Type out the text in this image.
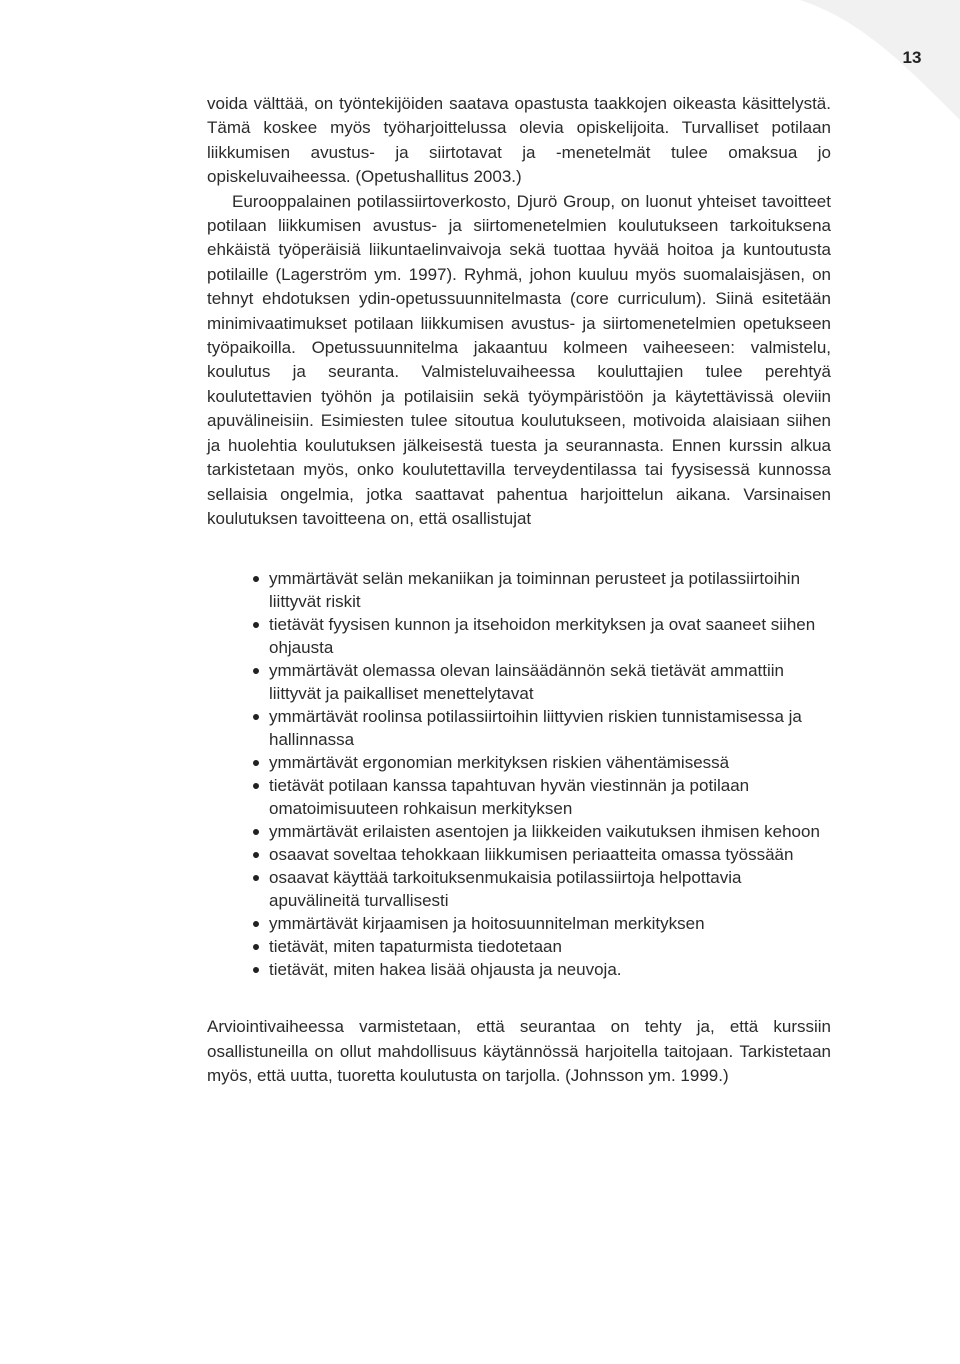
13

voida välttää, on työntekijöiden saatava opastusta taakkojen oikeasta käsittelystä. Tämä koskee myös työharjoittelussa olevia opiskelijoita. Turvalliset potilaan liikkumisen avustus- ja siirtotavat ja -menetelmät tulee omaksua jo opiskeluvaiheessa. (Opetushallitus 2003.)

Eurooppalainen potilassiirtoverkosto, Djurö Group, on luonut yhteiset tavoitteet potilaan liikkumisen avustus- ja siirtomenetelmien koulutukseen tarkoituksena ehkäistä työperäisiä liikuntaelinvaivoja sekä tuottaa hyvää hoitoa ja kuntoutusta potilaille (Lagerström ym. 1997). Ryhmä, johon kuuluu myös suomalaisjäsen, on tehnyt ehdotuksen ydin-opetussuunnitelmasta (core curriculum). Siinä esitetään minimivaatimukset potilaan liikkumisen avustus- ja siirtomenetelmien opetukseen työpaikoilla. Opetussuunnitelma jakaantuu kolmeen vaiheeseen: valmistelu, koulutus ja seuranta. Valmisteluvaiheessa kouluttajien tulee perehtyä koulutettavien työhön ja potilaisiin sekä työympäristöön ja käytettävissä oleviin apuvälineisiin. Esimiesten tulee sitoutua koulutukseen, motivoida alaisiaan siihen ja huolehtia koulutuksen jälkeisestä tuesta ja seurannasta. Ennen kurssin alkua tarkistetaan myös, onko koulutettavilla terveydentilassa tai fyysisessä kunnossa sellaisia ongelmia, jotka saattavat pahentua harjoittelun aikana. Varsinaisen koulutuksen tavoitteena on, että osallistujat

ymmärtävät selän mekaniikan ja toiminnan perusteet ja potilassiirtoihin liittyvät riskit
tietävät fyysisen kunnon ja itsehoidon merkityksen ja ovat saaneet siihen ohjausta
ymmärtävät olemassa olevan lainsäädännön sekä tietävät ammattiin liittyvät ja paikalliset menettelytavat
ymmärtävät roolinsa potilassiirtoihin liittyvien riskien tunnistamisessa ja hallinnassa
ymmärtävät ergonomian merkityksen riskien vähentämisessä
tietävät potilaan kanssa tapahtuvan hyvän viestinnän ja potilaan omatoimisuuteen rohkaisun merkityksen
ymmärtävät erilaisten asentojen ja liikkeiden vaikutuksen ihmisen kehoon
osaavat soveltaa tehokkaan liikkumisen periaatteita omassa työssään
osaavat käyttää tarkoituksenmukaisia potilassiirtoja helpottavia apuvälineitä turvallisesti
ymmärtävät kirjaamisen ja hoitosuunnitelman merkityksen
tietävät, miten tapaturmista tiedotetaan
tietävät, miten hakea lisää ohjausta ja neuvoja.

Arviointivaiheessa varmistetaan, että seurantaa on tehty ja, että kurssiin osallistuneilla on ollut mahdollisuus käytännössä harjoitella taitojaan. Tarkistetaan myös, että uutta, tuoretta koulutusta on tarjolla. (Johnsson ym. 1999.)
